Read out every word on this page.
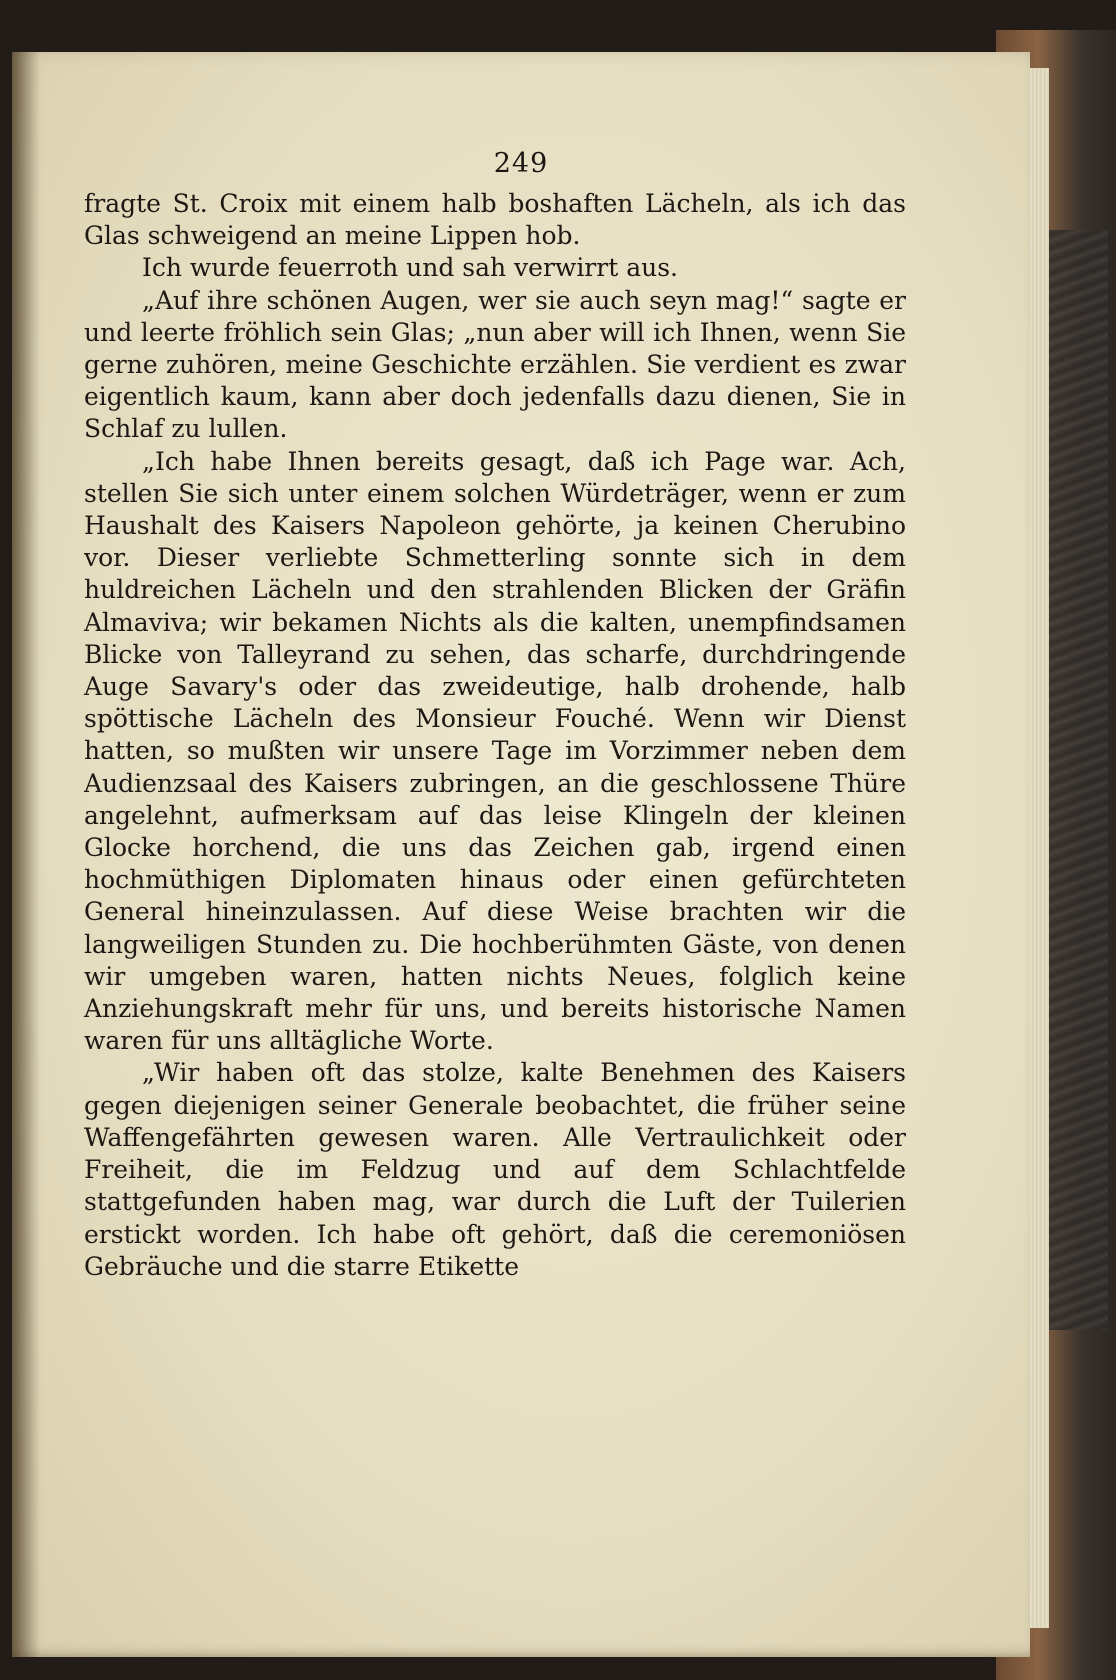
249

fragte St. Croix mit einem halb boshaften Lächeln, als ich das Glas schweigend an meine Lippen hob.

Ich wurde feuerroth und sah verwirrt aus.

„Auf ihre schönen Augen, wer sie auch seyn mag!“ sagte er und leerte fröhlich sein Glas; „nun aber will ich Ihnen, wenn Sie gerne zuhören, meine Geschichte erzählen. Sie verdient es zwar eigentlich kaum, kann aber doch jedenfalls dazu dienen, Sie in Schlaf zu lullen.

„Ich habe Ihnen bereits gesagt, daß ich Page war. Ach, stellen Sie sich unter einem solchen Würdeträger, wenn er zum Haushalt des Kaisers Napoleon gehörte, ja keinen Cherubino vor. Dieser verliebte Schmetterling sonnte sich in dem huldreichen Lächeln und den strahlenden Blicken der Gräfin Almaviva; wir bekamen Nichts als die kalten, unempfindsamen Blicke von Talleyrand zu sehen, das scharfe, durchdringende Auge Savary's oder das zweideutige, halb drohende, halb spöttische Lächeln des Monsieur Fouché. Wenn wir Dienst hatten, so mußten wir unsere Tage im Vorzimmer neben dem Audienzsaal des Kaisers zubringen, an die geschlossene Thüre angelehnt, aufmerksam auf das leise Klingeln der kleinen Glocke horchend, die uns das Zeichen gab, irgend einen hochmüthigen Diplomaten hinaus oder einen gefürchteten General hineinzulassen. Auf diese Weise brachten wir die langweiligen Stunden zu. Die hochberühmten Gäste, von denen wir umgeben waren, hatten nichts Neues, folglich keine Anziehungskraft mehr für uns, und bereits historische Namen waren für uns alltägliche Worte.

„Wir haben oft das stolze, kalte Benehmen des Kaisers gegen diejenigen seiner Generale beobachtet, die früher seine Waffengefährten gewesen waren. Alle Vertraulichkeit oder Freiheit, die im Feldzug und auf dem Schlachtfelde stattgefunden haben mag, war durch die Luft der Tuilerien erstickt worden. Ich habe oft gehört, daß die ceremoniösen Gebräuche und die starre Etikette
